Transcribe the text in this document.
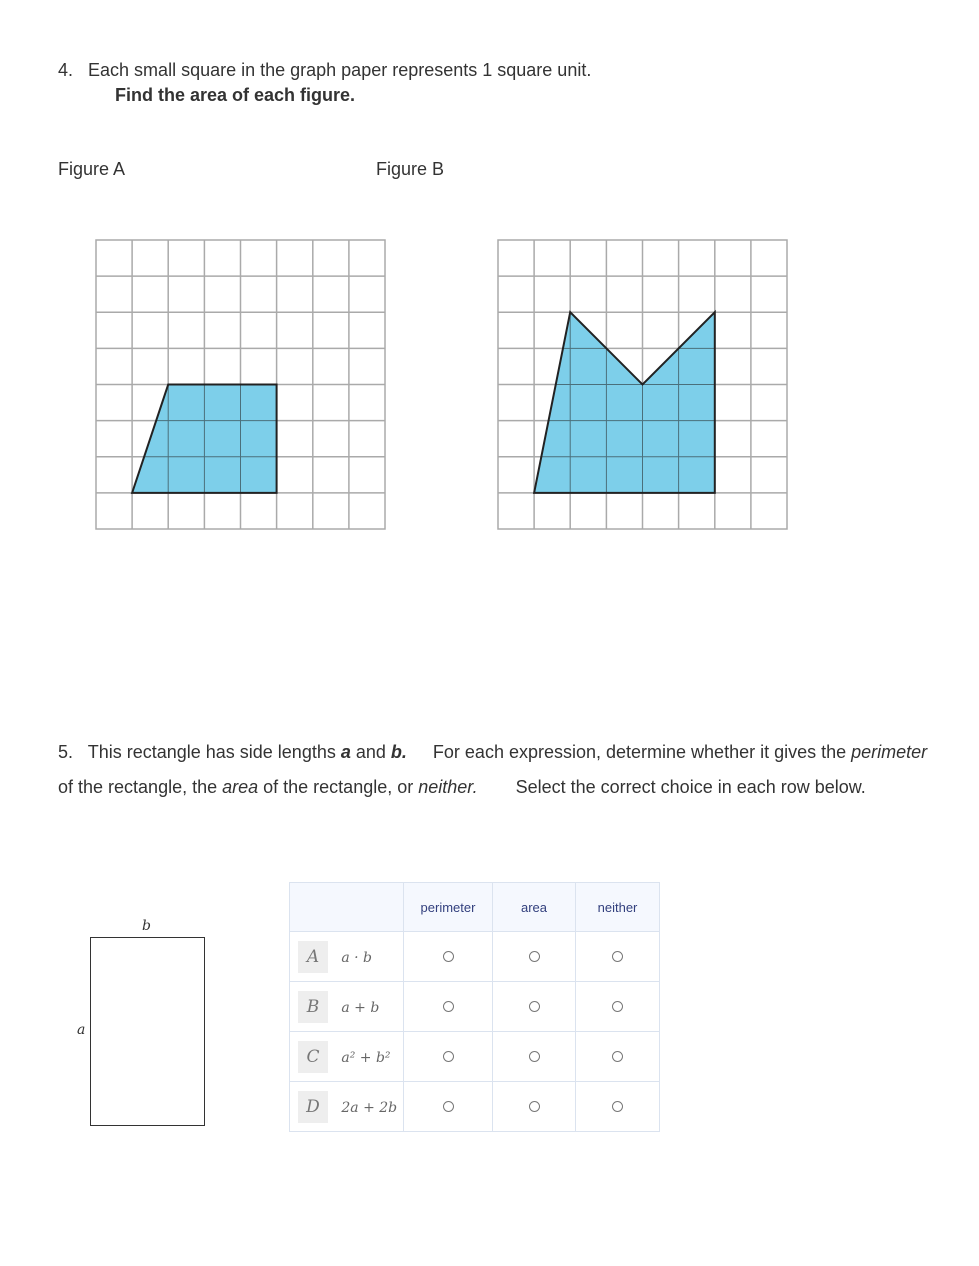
4. Each small square in the graph paper represents 1 square unit.
Find the area of each figure.
Figure A	Figure B
5. This rectangle has side lengths a and b. For each expression, determine whether it gives the perimeter of the rectangle, the area of the rectangle, or neither. Select the correct choice in each row below.
b
a
	perimeter	area	neither
A a · b			
B a + b			
C a² + b²			
D 2a + 2b			
